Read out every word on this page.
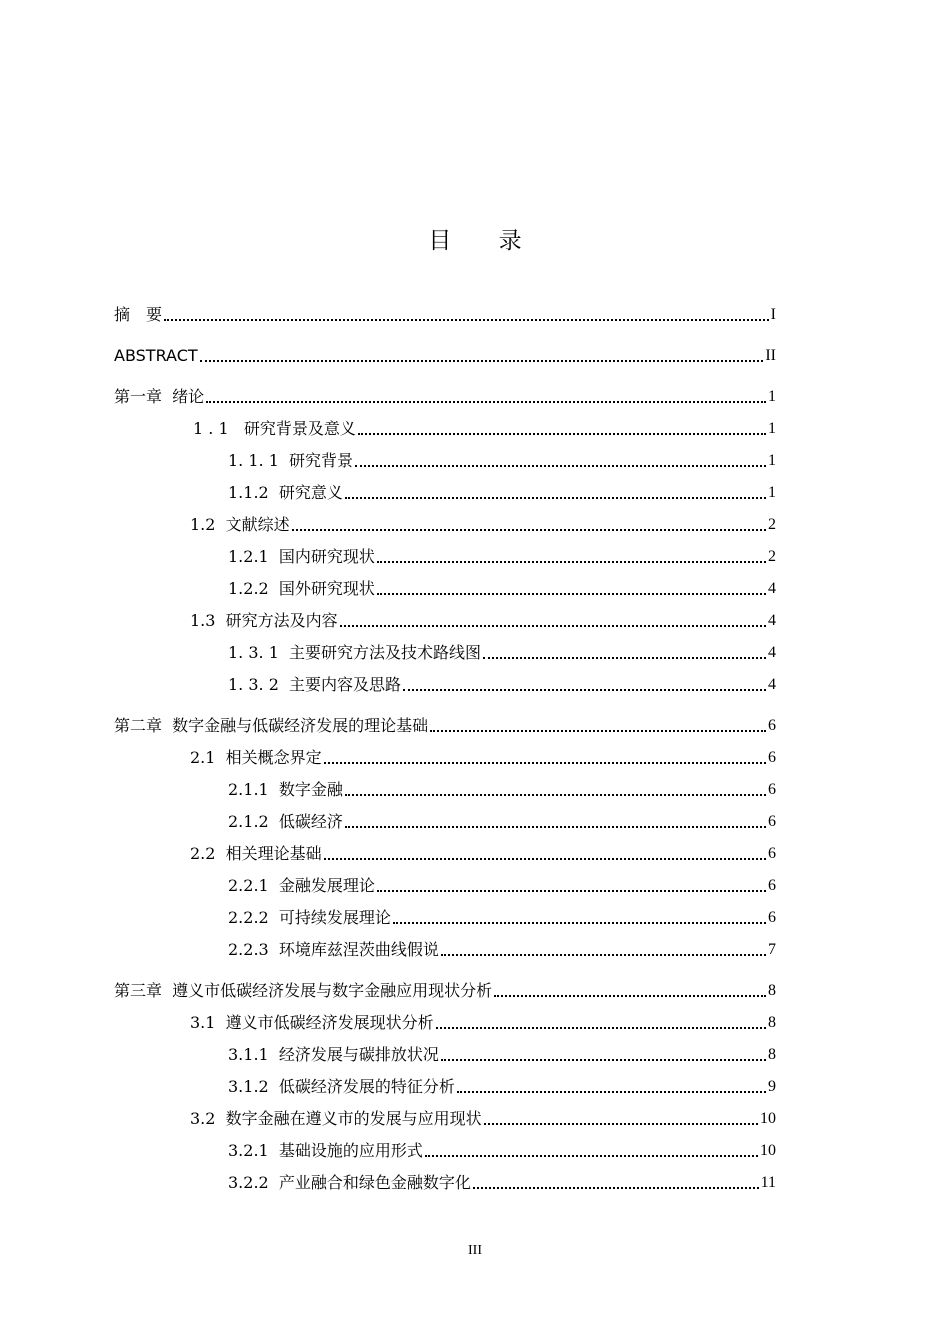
目 录
摘　要	I
ABSTRACT	II
第一章  绪论	1
1 . 1   研究背景及意义	1
1. 1. 1  研究背景	1
1.1.2  研究意义	1
1.2  文献综述	2
1.2.1  国内研究现状	2
1.2.2  国外研究现状	4
1.3  研究方法及内容	4
1. 3. 1  主要研究方法及技术路线图	4
1. 3. 2  主要内容及思路	4
第二章  数字金融与低碳经济发展的理论基础	6
2.1  相关概念界定	6
2.1.1  数字金融	6
2.1.2  低碳经济	6
2.2  相关理论基础	6
2.2.1  金融发展理论	6
2.2.2  可持续发展理论	6
2.2.3  环境库兹涅茨曲线假说	7
第三章  遵义市低碳经济发展与数字金融应用现状分析	8
3.1  遵义市低碳经济发展现状分析	8
3.1.1  经济发展与碳排放状况	8
3.1.2  低碳经济发展的特征分析	9
3.2  数字金融在遵义市的发展与应用现状	10
3.2.1  基础设施的应用形式	10
3.2.2  产业融合和绿色金融数字化	11
III
